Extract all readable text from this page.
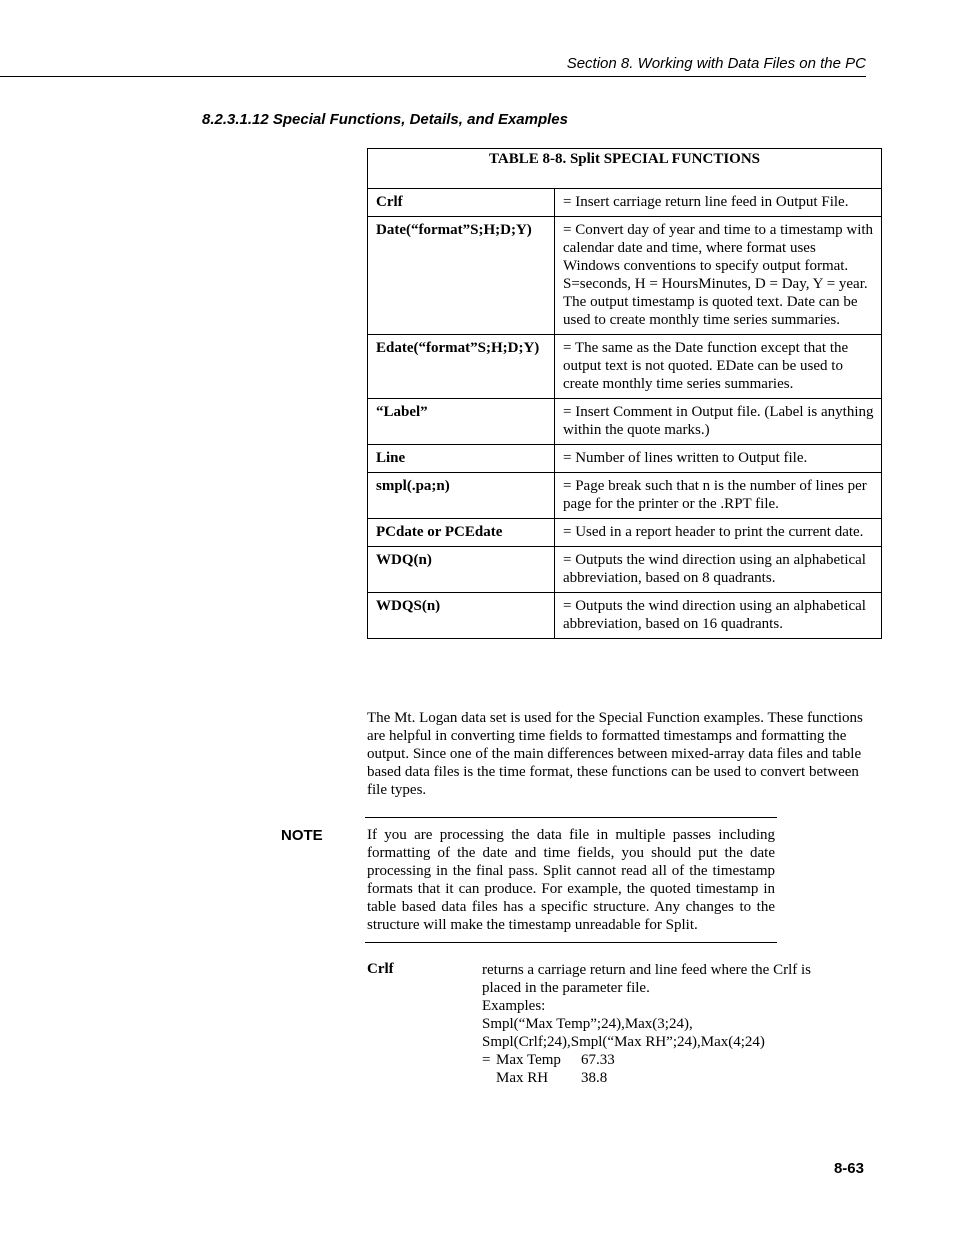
Section 8. Working with Data Files on the PC
8.2.3.1.12 Special Functions, Details, and Examples
TABLE 8-8. Split SPECIAL FUNCTIONS	
Crlf	= Insert carriage return line feed in Output File.
Date(“format”S;H;D;Y)	= Convert day of year and time to a timestamp with calendar date and time, where format uses Windows conventions to specify output format. S=seconds, H = HoursMinutes, D = Day, Y = year. The output timestamp is quoted text. Date can be used to create monthly time series summaries.
Edate(“format”S;H;D;Y)	= The same as the Date function except that the output text is not quoted. EDate can be used to create monthly time series summaries.
“Label”	= Insert Comment in Output file. (Label is anything within the quote marks.)
Line	= Number of lines written to Output file.
smpl(.pa;n)	= Page break such that n is the number of lines per page for the printer or the .RPT file.
PCdate or PCEdate	= Used in a report header to print the current date.
WDQ(n)	= Outputs the wind direction using an alphabetical abbreviation, based on 8 quadrants.
WDQS(n)	= Outputs the wind direction using an alphabetical abbreviation, based on 16 quadrants.
The Mt. Logan data set is used for the Special Function examples. These functions are helpful in converting time fields to formatted timestamps and formatting the output. Since one of the main differences between mixed-array data files and table based data files is the time format, these functions can be used to convert between file types.
NOTE	If you are processing the data file in multiple passes including formatting of the date and time fields, you should put the date processing in the final pass. Split cannot read all of the timestamp formats that it can produce. For example, the quoted timestamp in table based data files has a specific structure. Any changes to the structure will make the timestamp unreadable for Split.
Crlf	returns a carriage return and line feed where the Crlf is
placed in the parameter file.
Examples:
Smpl(“Max Temp”;24),Max(3;24),
Smpl(Crlf;24),Smpl(“Max RH”;24),Max(4;24)
= Max Temp	67.33
Max RH	38.8
8-63
